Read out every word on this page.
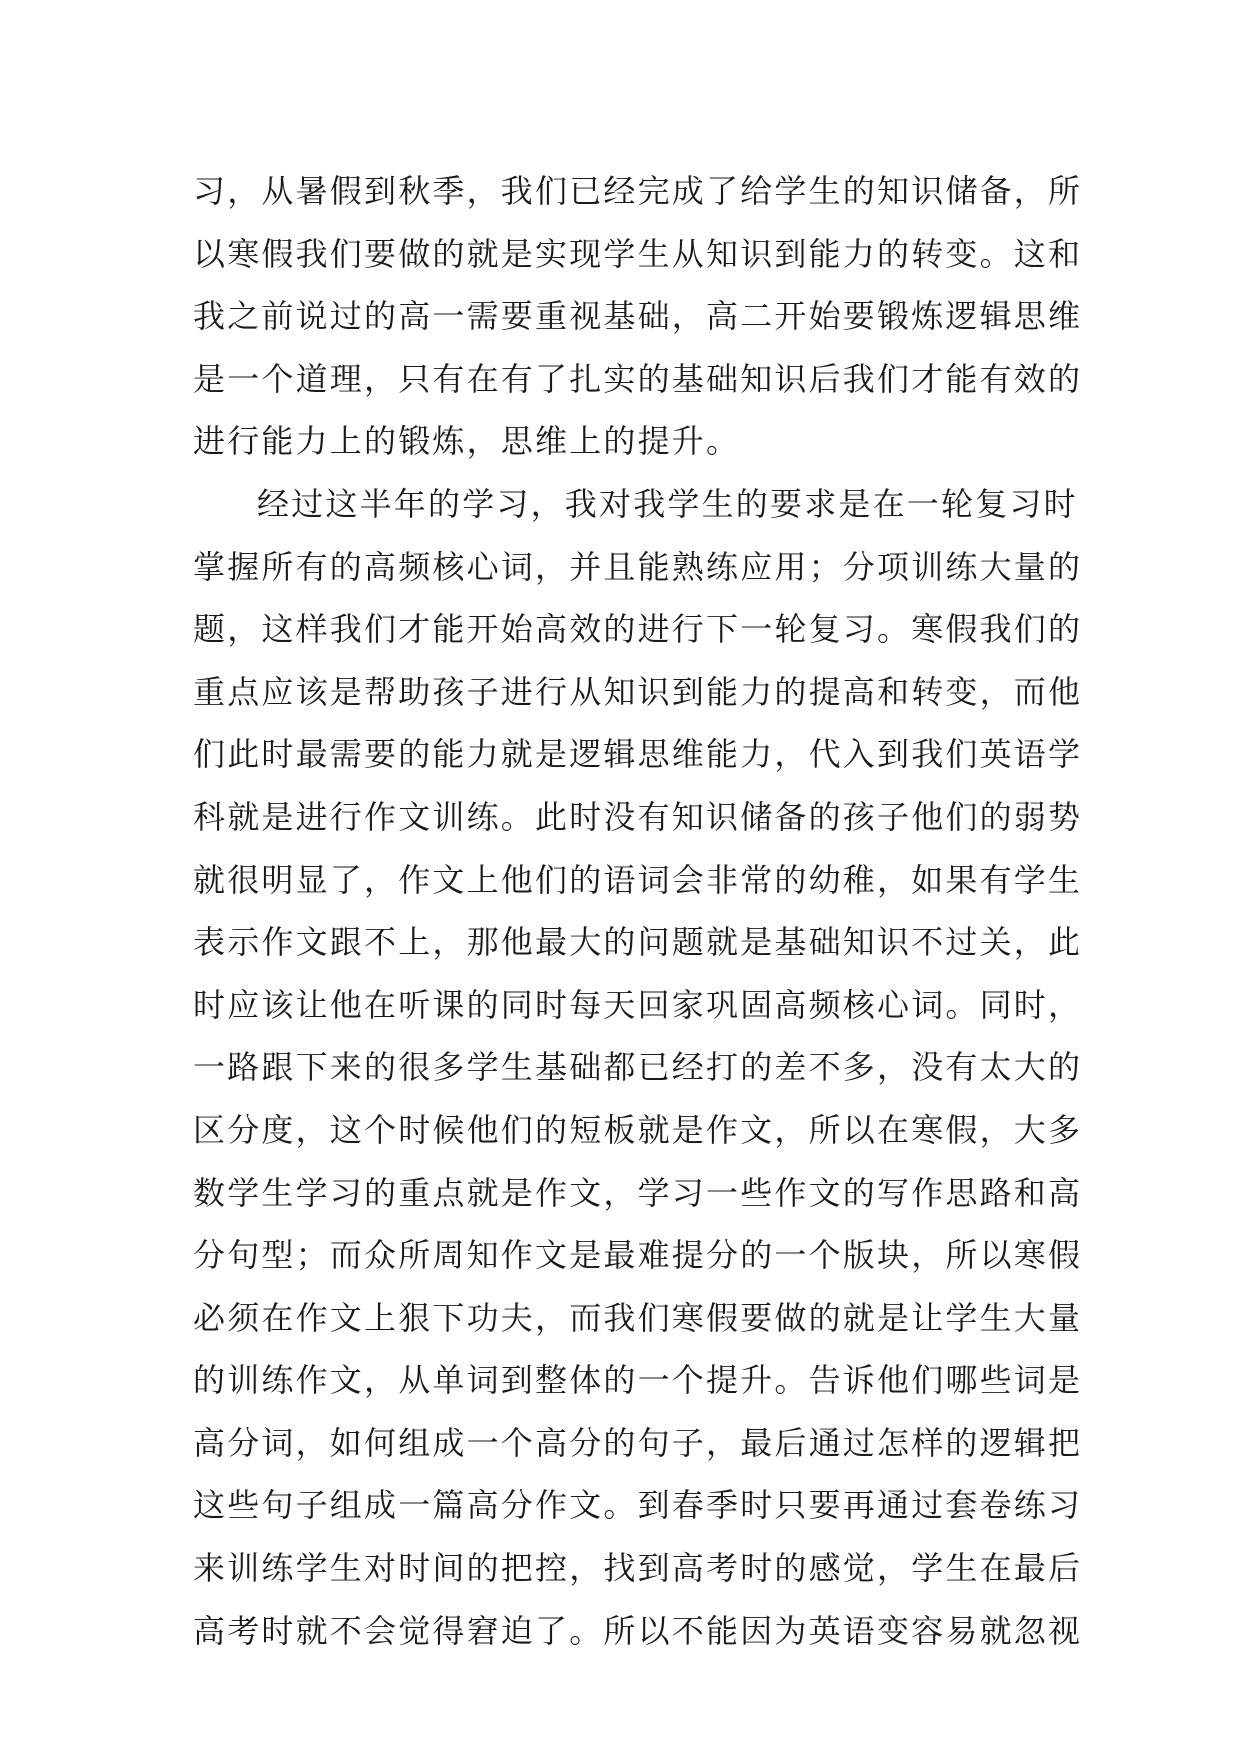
习，从暑假到秋季，我们已经完成了给学生的知识储备，所
以寒假我们要做的就是实现学生从知识到能力的转变。这和
我之前说过的高一需要重视基础，高二开始要锻炼逻辑思维
是一个道理，只有在有了扎实的基础知识后我们才能有效的
进行能力上的锻炼，思维上的提升。
经过这半年的学习，我对我学生的要求是在一轮复习时
掌握所有的高频核心词，并且能熟练应用；分项训练大量的
题，这样我们才能开始高效的进行下一轮复习。寒假我们的
重点应该是帮助孩子进行从知识到能力的提高和转变，而他
们此时最需要的能力就是逻辑思维能力，代入到我们英语学
科就是进行作文训练。此时没有知识储备的孩子他们的弱势
就很明显了，作文上他们的语词会非常的幼稚，如果有学生
表示作文跟不上，那他最大的问题就是基础知识不过关，此
时应该让他在听课的同时每天回家巩固高频核心词。同时，
一路跟下来的很多学生基础都已经打的差不多，没有太大的
区分度，这个时候他们的短板就是作文，所以在寒假，大多
数学生学习的重点就是作文，学习一些作文的写作思路和高
分句型；而众所周知作文是最难提分的一个版块，所以寒假
必须在作文上狠下功夫，而我们寒假要做的就是让学生大量
的训练作文，从单词到整体的一个提升。告诉他们哪些词是
高分词，如何组成一个高分的句子，最后通过怎样的逻辑把
这些句子组成一篇高分作文。到春季时只要再通过套卷练习
来训练学生对时间的把控，找到高考时的感觉，学生在最后
高考时就不会觉得窘迫了。所以不能因为英语变容易就忽视
